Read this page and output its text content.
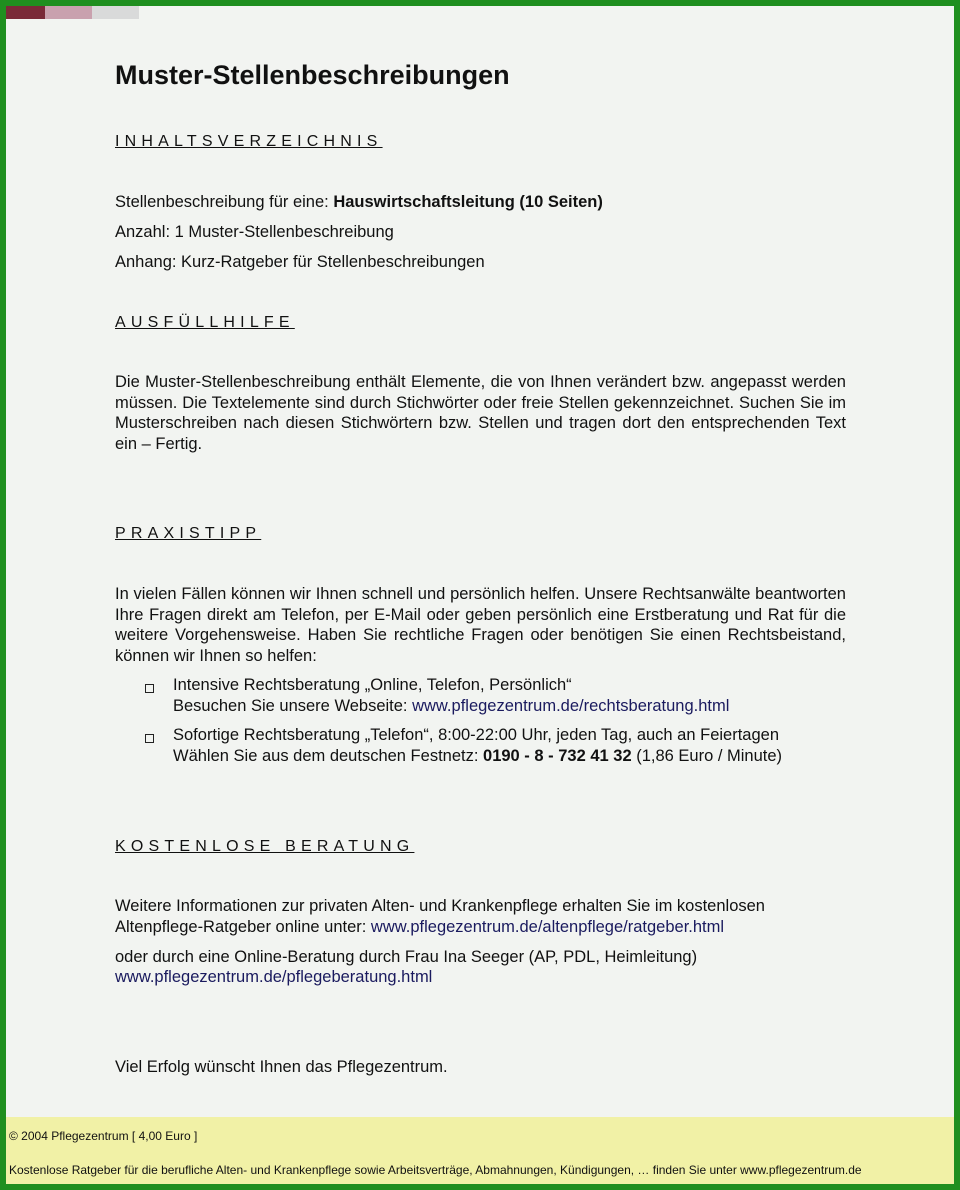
Muster-Stellenbeschreibungen
INHALTSVERZEICHNIS
Stellenbeschreibung für eine: Hauswirtschaftsleitung (10 Seiten)
Anzahl: 1 Muster-Stellenbeschreibung
Anhang: Kurz-Ratgeber für Stellenbeschreibungen
AUSFÜLLHILFE
Die Muster-Stellenbeschreibung enthält Elemente, die von Ihnen verändert bzw. angepasst werden müssen. Die Textelemente sind durch Stichwörter oder freie Stellen gekennzeichnet. Suchen Sie im Musterschreiben nach diesen Stichwörtern bzw. Stellen und tragen dort den entsprechenden Text ein – Fertig.
PRAXISTIPP
In vielen Fällen können wir Ihnen schnell und persönlich helfen. Unsere Rechtsanwälte beantworten Ihre Fragen direkt am Telefon, per E-Mail oder geben persönlich eine Erstberatung und Rat für die weitere Vorgehensweise. Haben Sie rechtliche Fragen oder benötigen Sie einen Rechtsbeistand, können wir Ihnen so helfen:
Intensive Rechtsberatung „Online, Telefon, Persönlich“
Besuchen Sie unsere Webseite: www.pflegezentrum.de/rechtsberatung.html
Sofortige Rechtsberatung „Telefon“, 8:00-22:00 Uhr, jeden Tag, auch an Feiertagen
Wählen Sie aus dem deutschen Festnetz: 0190 - 8 - 732 41 32 (1,86 Euro / Minute)
KOSTENLOSE BERATUNG
Weitere Informationen zur privaten Alten- und Krankenpflege erhalten Sie im kostenlosen
Altenpflege-Ratgeber online unter: www.pflegezentrum.de/altenpflege/ratgeber.html
oder durch eine Online-Beratung durch Frau Ina Seeger (AP, PDL, Heimleitung)
www.pflegezentrum.de/pflegeberatung.html
Viel Erfolg wünscht Ihnen das Pflegezentrum.
© 2004 Pflegezentrum [ 4,00 Euro ]
Kostenlose Ratgeber für die berufliche Alten- und Krankenpflege sowie Arbeitsverträge, Abmahnungen, Kündigungen, … finden Sie unter www.pflegezentrum.de
